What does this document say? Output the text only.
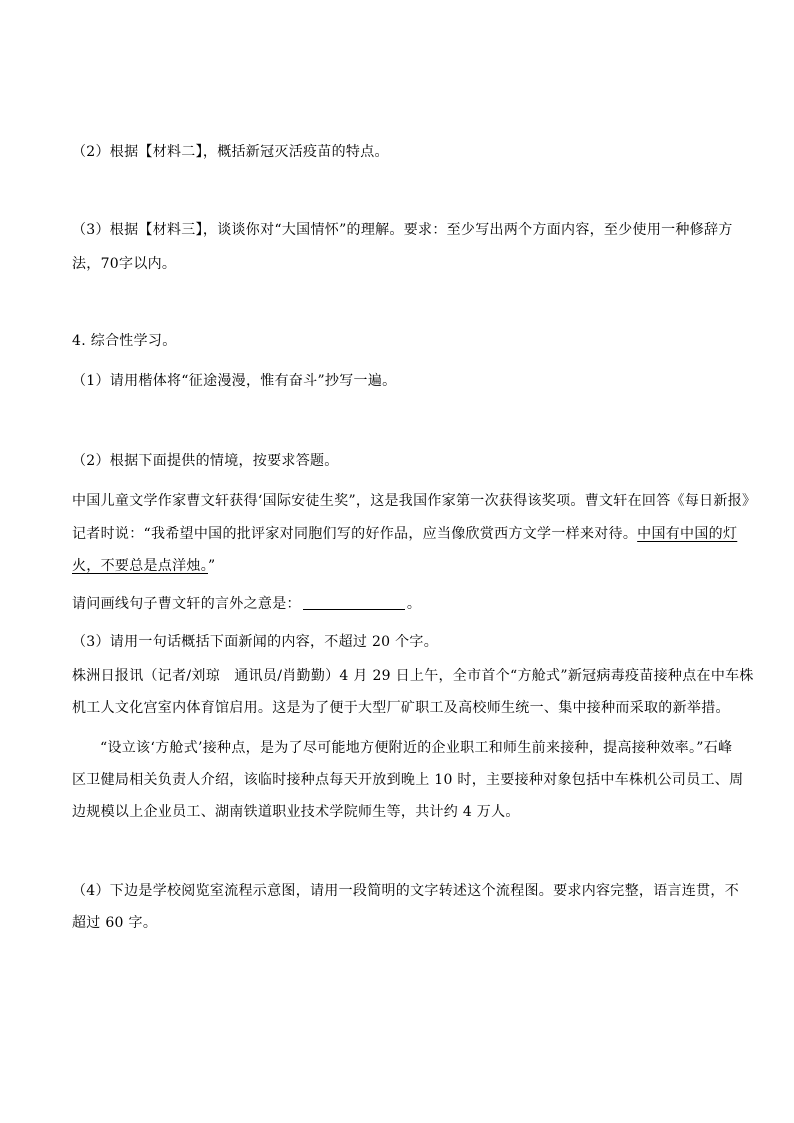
（2）根据【材料二】，概括新冠灭活疫苗的特点。
（3）根据【材料三】，谈谈你对“大国情怀”的理解。要求：至少写出两个方面内容，至少使用一种修辞方
法，70字以内。
4. 综合性学习。
（1）请用楷体将“征途漫漫，惟有奋斗”抄写一遍。
（2）根据下面提供的情境，按要求答题。
中国儿童文学作家曹文轩获得‘国际安徒生奖”，这是我国作家第一次获得该奖项。曹文轩在回答《每日新报》
记者时说：“我希望中国的批评家对同胞们写的好作品，应当像欣赏西方文学一样来对待。中国有中国的灯
火，不要总是点洋烛。”
请问画线句子曹文轩的言外之意是：	。
（3）请用一句话概括下面新闻的内容，不超过 20 个字。
株洲日报讯（记者/刘琼　通讯员/肖勤勤）4 月 29 日上午，全市首个“方舱式”新冠病毒疫苗接种点在中车株
机工人文化宫室内体育馆启用。这是为了便于大型厂矿职工及高校师生统一、集中接种而采取的新举措。
“设立该‘方舱式’接种点，是为了尽可能地方便附近的企业职工和师生前来接种，提高接种效率。”石峰
区卫健局相关负责人介绍，该临时接种点每天开放到晚上 10 时，主要接种对象包括中车株机公司员工、周
边规模以上企业员工、湖南铁道职业技术学院师生等，共计约 4 万人。
（4）下边是学校阅览室流程示意图，请用一段简明的文字转述这个流程图。要求内容完整，语言连贯，不
超过 60 字。
